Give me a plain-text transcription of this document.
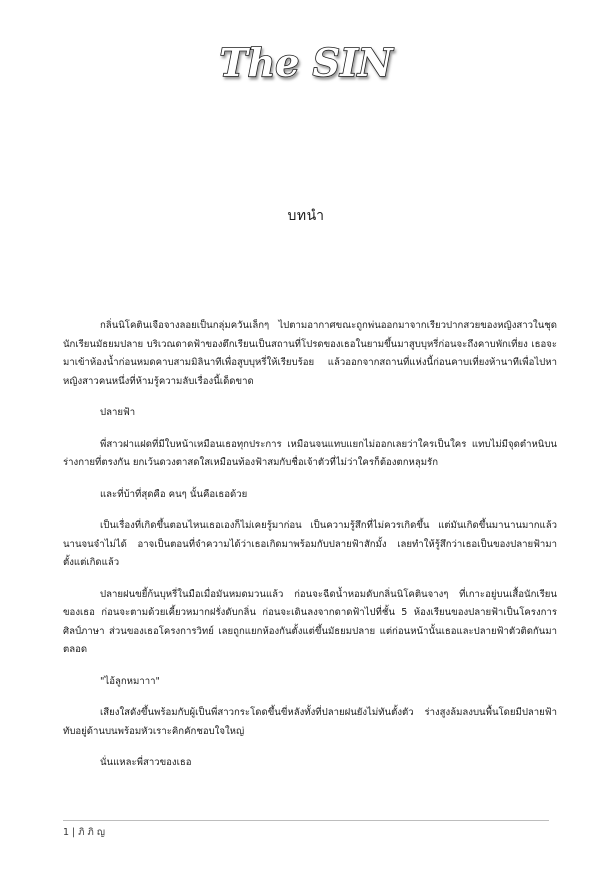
The SIN
บทนำ

กลิ่นนิโคตินเจือจางลอยเป็นกลุ่มควันเล็กๆ ไปตามอากาศขณะถูกพ่นออกมาจากเรียวปากสวยของหญิงสาวในชุดนักเรียนมัธยมปลาย บริเวณดาดฟ้าของตึกเรียนเป็นสถานที่โปรดของเธอในยามขึ้นมาสูบบุหรี่ก่อนจะถึงคาบพักเที่ยง เธอจะมาเข้าห้องน้ำก่อนหมดคาบสามมิลินาทีเพื่อสูบบุหรี่ให้เรียบร้อย แล้วออกจากสถานที่แห่งนี้ก่อนคาบเที่ยงห้านาทีเพื่อไปหาหญิงสาวคนหนึ่งที่ห้ามรู้ความลับเรื่องนี้เด็ดขาด

ปลายฟ้า

พี่สาวฝาแฝดที่มีใบหน้าเหมือนเธอทุกประการ เหมือนจนแทบแยกไม่ออกเลยว่าใครเป็นใคร แทบไม่มีจุดตำหนิบนร่างกายที่ตรงกัน ยกเว้นดวงตาสดใสเหมือนท้องฟ้าสมกับชื่อเจ้าตัวที่ไม่ว่าใครก็ต้องตกหลุมรัก

และที่บ้าที่สุดคือ คนๆ นั้นคือเธอด้วย

เป็นเรื่องที่เกิดขึ้นตอนไหนเธอเองก็ไม่เคยรู้มาก่อน เป็นความรู้สึกที่ไม่ควรเกิดขึ้น แต่มันเกิดขึ้นมานานมากแล้ว นานจนจำไม่ได้ อาจเป็นตอนที่จำความได้ว่าเธอเกิดมาพร้อมกับปลายฟ้าสักมั้ง เลยทำให้รู้สึกว่าเธอเป็นของปลายฟ้ามาตั้งแต่เกิดแล้ว

ปลายฝนขยี้ก้นบุหรี่ในมือเมื่อมันหมดมวนแล้ว ก่อนจะฉีดน้ำหอมดับกลิ่นนิโคตินจางๆ ที่เกาะอยู่บนเสื้อนักเรียนของเธอ ก่อนจะตามด้วยเคี้ยวหมากฝรั่งดับกลิ่น ก่อนจะเดินลงจากดาดฟ้าไปที่ชั้น 5 ห้องเรียนของปลายฟ้าเป็นโครงการศิลป์ภาษา ส่วนของเธอโครงการวิทย์ เลยถูกแยกห้องกันตั้งแต่ขึ้นมัธยมปลาย แต่ก่อนหน้านั้นเธอและปลายฟ้าตัวติดกันมาตลอด

"ไอ้ลูกหมาาา"

เสียงใสดังขึ้นพร้อมกับผู้เป็นพี่สาวกระโดดขึ้นขี่หลังทั้งที่ปลายฝนยังไม่ทันตั้งตัว ร่างสูงล้มลงบนพื้นโดยมีปลายฟ้าทับอยู่ด้านบนพร้อมหัวเราะคิกคักชอบใจใหญ่

นั่นแหละพี่สาวของเธอ

1 | ภิ ภิ ญ
